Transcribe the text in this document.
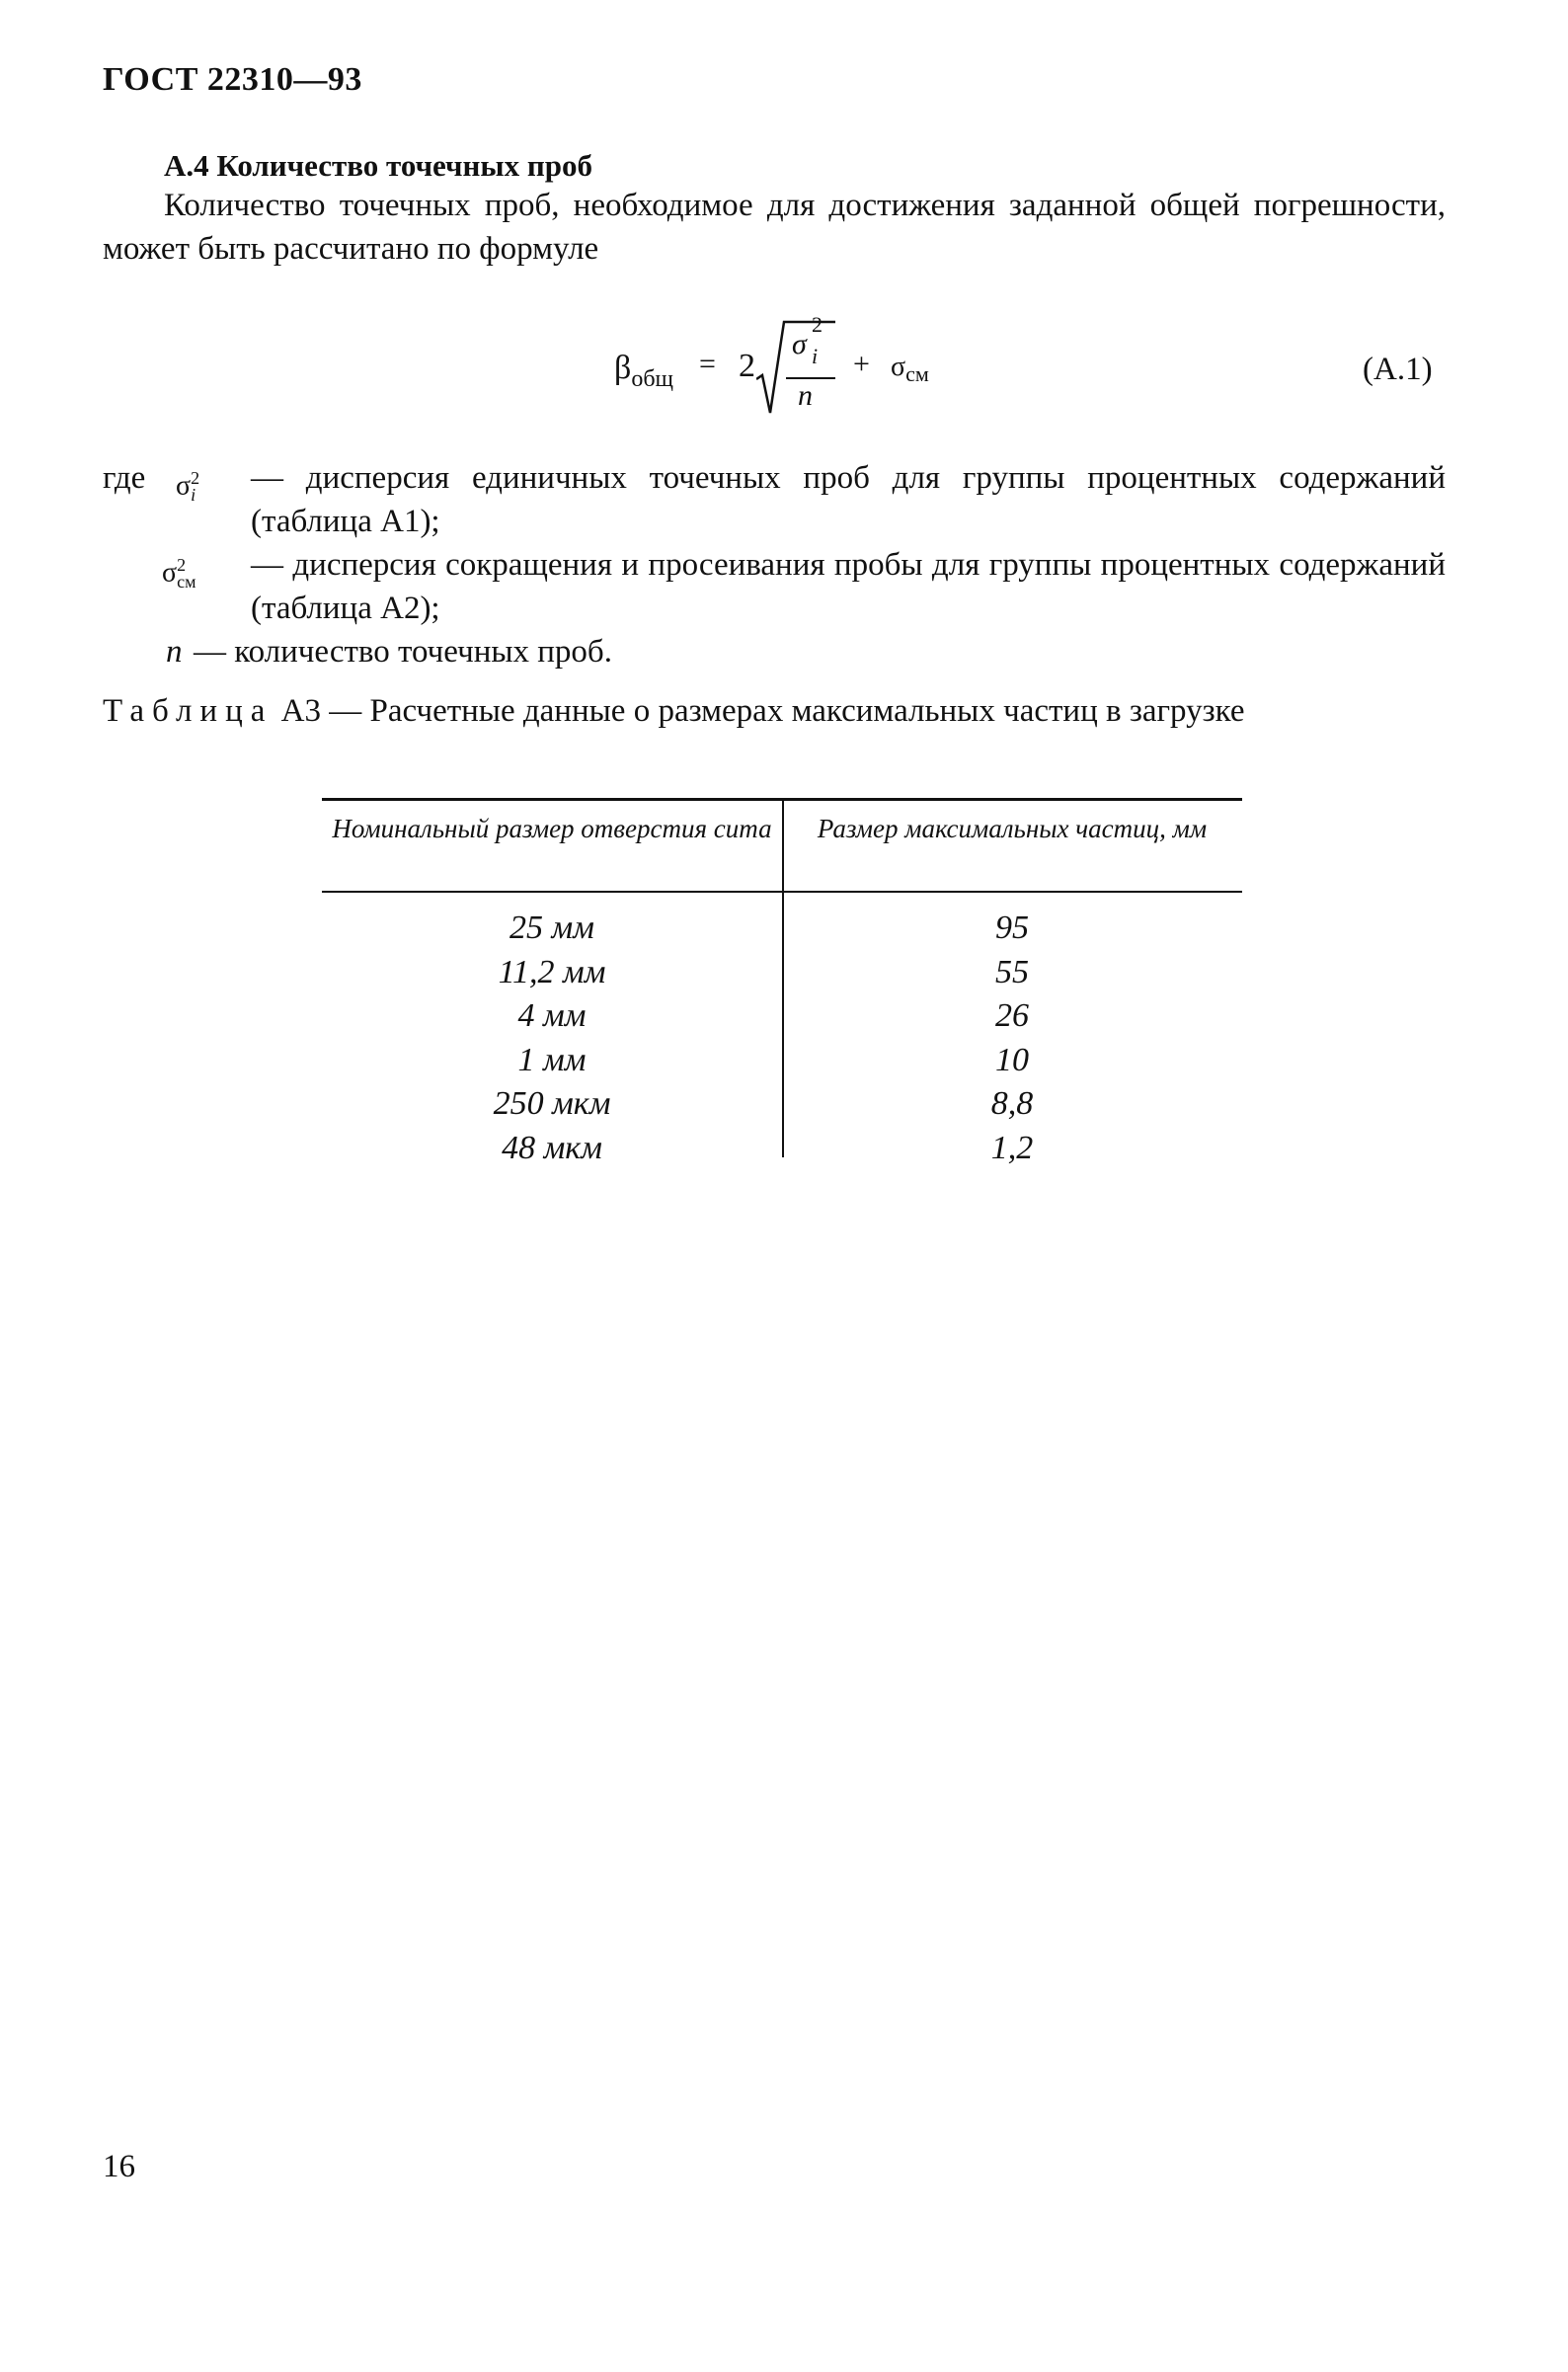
ГОСТ 22310—93
А.4 Количество точечных проб
Количество точечных проб, необходимое для достижения заданной общей погрешности, может быть рассчитано по формуле
$\beta_{общ} = 2$
σ
2
i
n
+ $\sigma_{см}$	(А.1)
где $\sigma^2_i$ — дисперсия единичных точечных проб для группы процентных содержаний (таблица А1);
$\sigma^2_{см}$ — дисперсия сокращения и просеивания пробы для группы процентных содержаний (таблица А2);
n — количество точечных проб.
Таблица А3 — Расчетные данные о размерах максимальных частиц в загрузке
Номинальный размер отверстия сита	Размер максимальных частиц, мм
25 мм
11,2 мм
4 мм
1 мм
250 мкм
48 мкм
95
55
26
10
8,8
1,2
16
